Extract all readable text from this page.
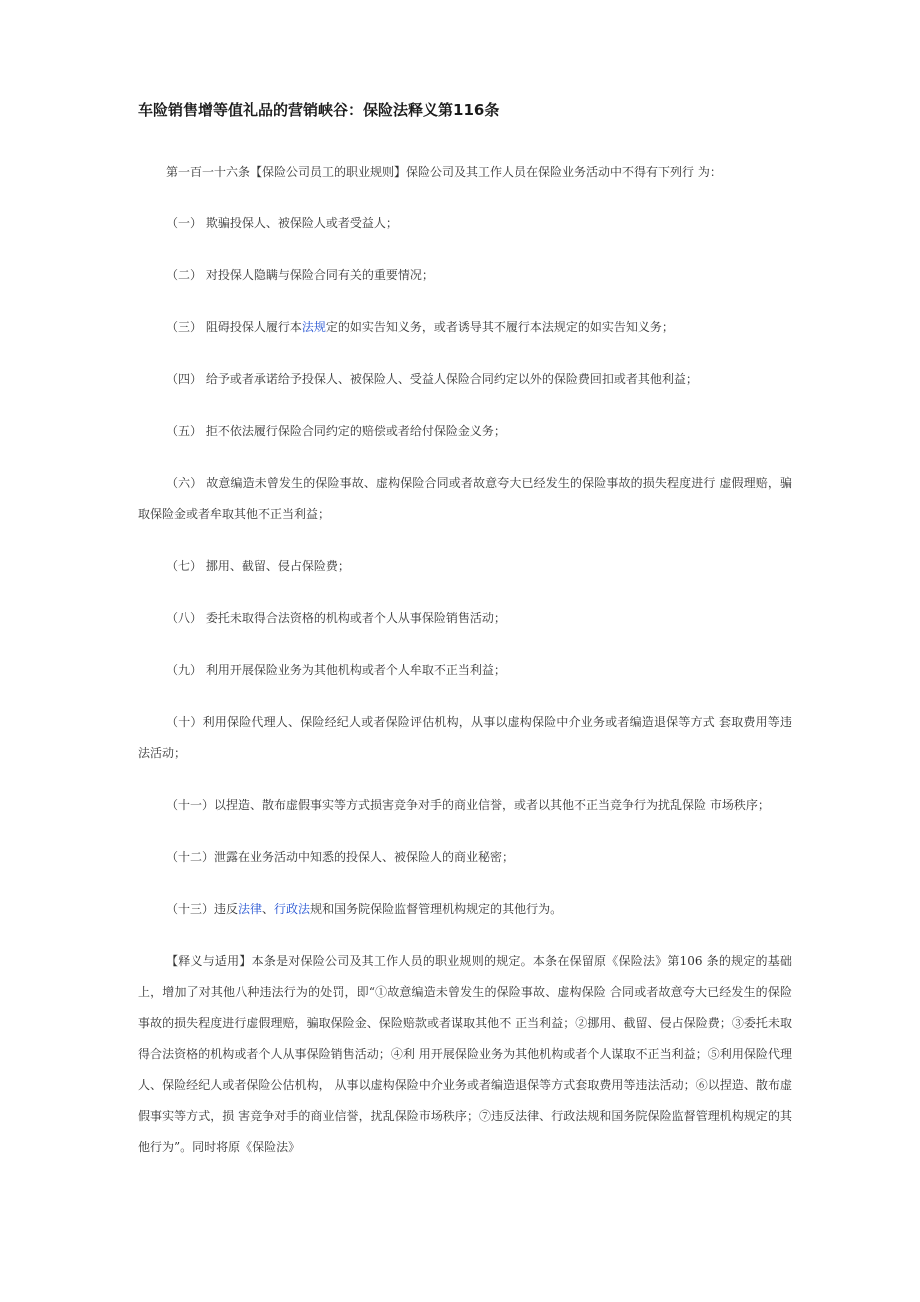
车险销售增等值礼品的营销峡谷：保险法释义第116条

第一百一十六条【保险公司员工的职业规则】保险公司及其工作人员在保险业务活动中不得有下列行 为：

（一） 欺骗投保人、被保险人或者受益人；

（二） 对投保人隐瞒与保险合同有关的重要情况；

（三） 阻碍投保人履行本法规定的如实告知义务，或者诱导其不履行本法规定的如实告知义务；

（四） 给予或者承诺给予投保人、被保险人、受益人保险合同约定以外的保险费回扣或者其他利益；

（五） 拒不依法履行保险合同约定的赔偿或者给付保险金义务；

（六） 故意编造未曾发生的保险事故、虚构保险合同或者故意夸大已经发生的保险事故的损失程度进行 虚假理赔，骗取保险金或者牟取其他不正当利益；

（七） 挪用、截留、侵占保险费；

（八） 委托未取得合法资格的机构或者个人从事保险销售活动；

（九） 利用开展保险业务为其他机构或者个人牟取不正当利益；

（十）利用保险代理人、保险经纪人或者保险评估机构，从事以虚构保险中介业务或者编造退保等方式 套取费用等违法活动；

（十一）以捏造、散布虚假事实等方式损害竞争对手的商业信誉，或者以其他不正当竞争行为扰乱保险 市场秩序；

（十二）泄露在业务活动中知悉的投保人、被保险人的商业秘密；

（十三）违反法律、行政法规和国务院保险监督管理机构规定的其他行为。

【释义与适用】本条是对保险公司及其工作人员的职业规则的规定。本条在保留原《保险法》第106 条的规定的基础上，增加了对其他八种违法行为的处罚，即“①故意编造未曾发生的保险事故、虚构保险 合同或者故意夸大已经发生的保险事故的损失程度进行虚假理赔，骗取保险金、保险赔款或者谋取其他不 正当利益；②挪用、截留、侵占保险费；③委托未取得合法资格的机构或者个人从事保险销售活动；④利 用开展保险业务为其他机构或者个人谋取不正当利益；⑤利用保险代理人、保险经纪人或者保险公估机构， 从事以虚构保险中介业务或者编造退保等方式套取费用等违法活动；⑥以捏造、散布虚假事实等方式，损 害竞争对手的商业信誉，扰乱保险市场秩序；⑦违反法律、行政法规和国务院保险监督管理机构规定的其 他行为”。同时将原《保险法》
